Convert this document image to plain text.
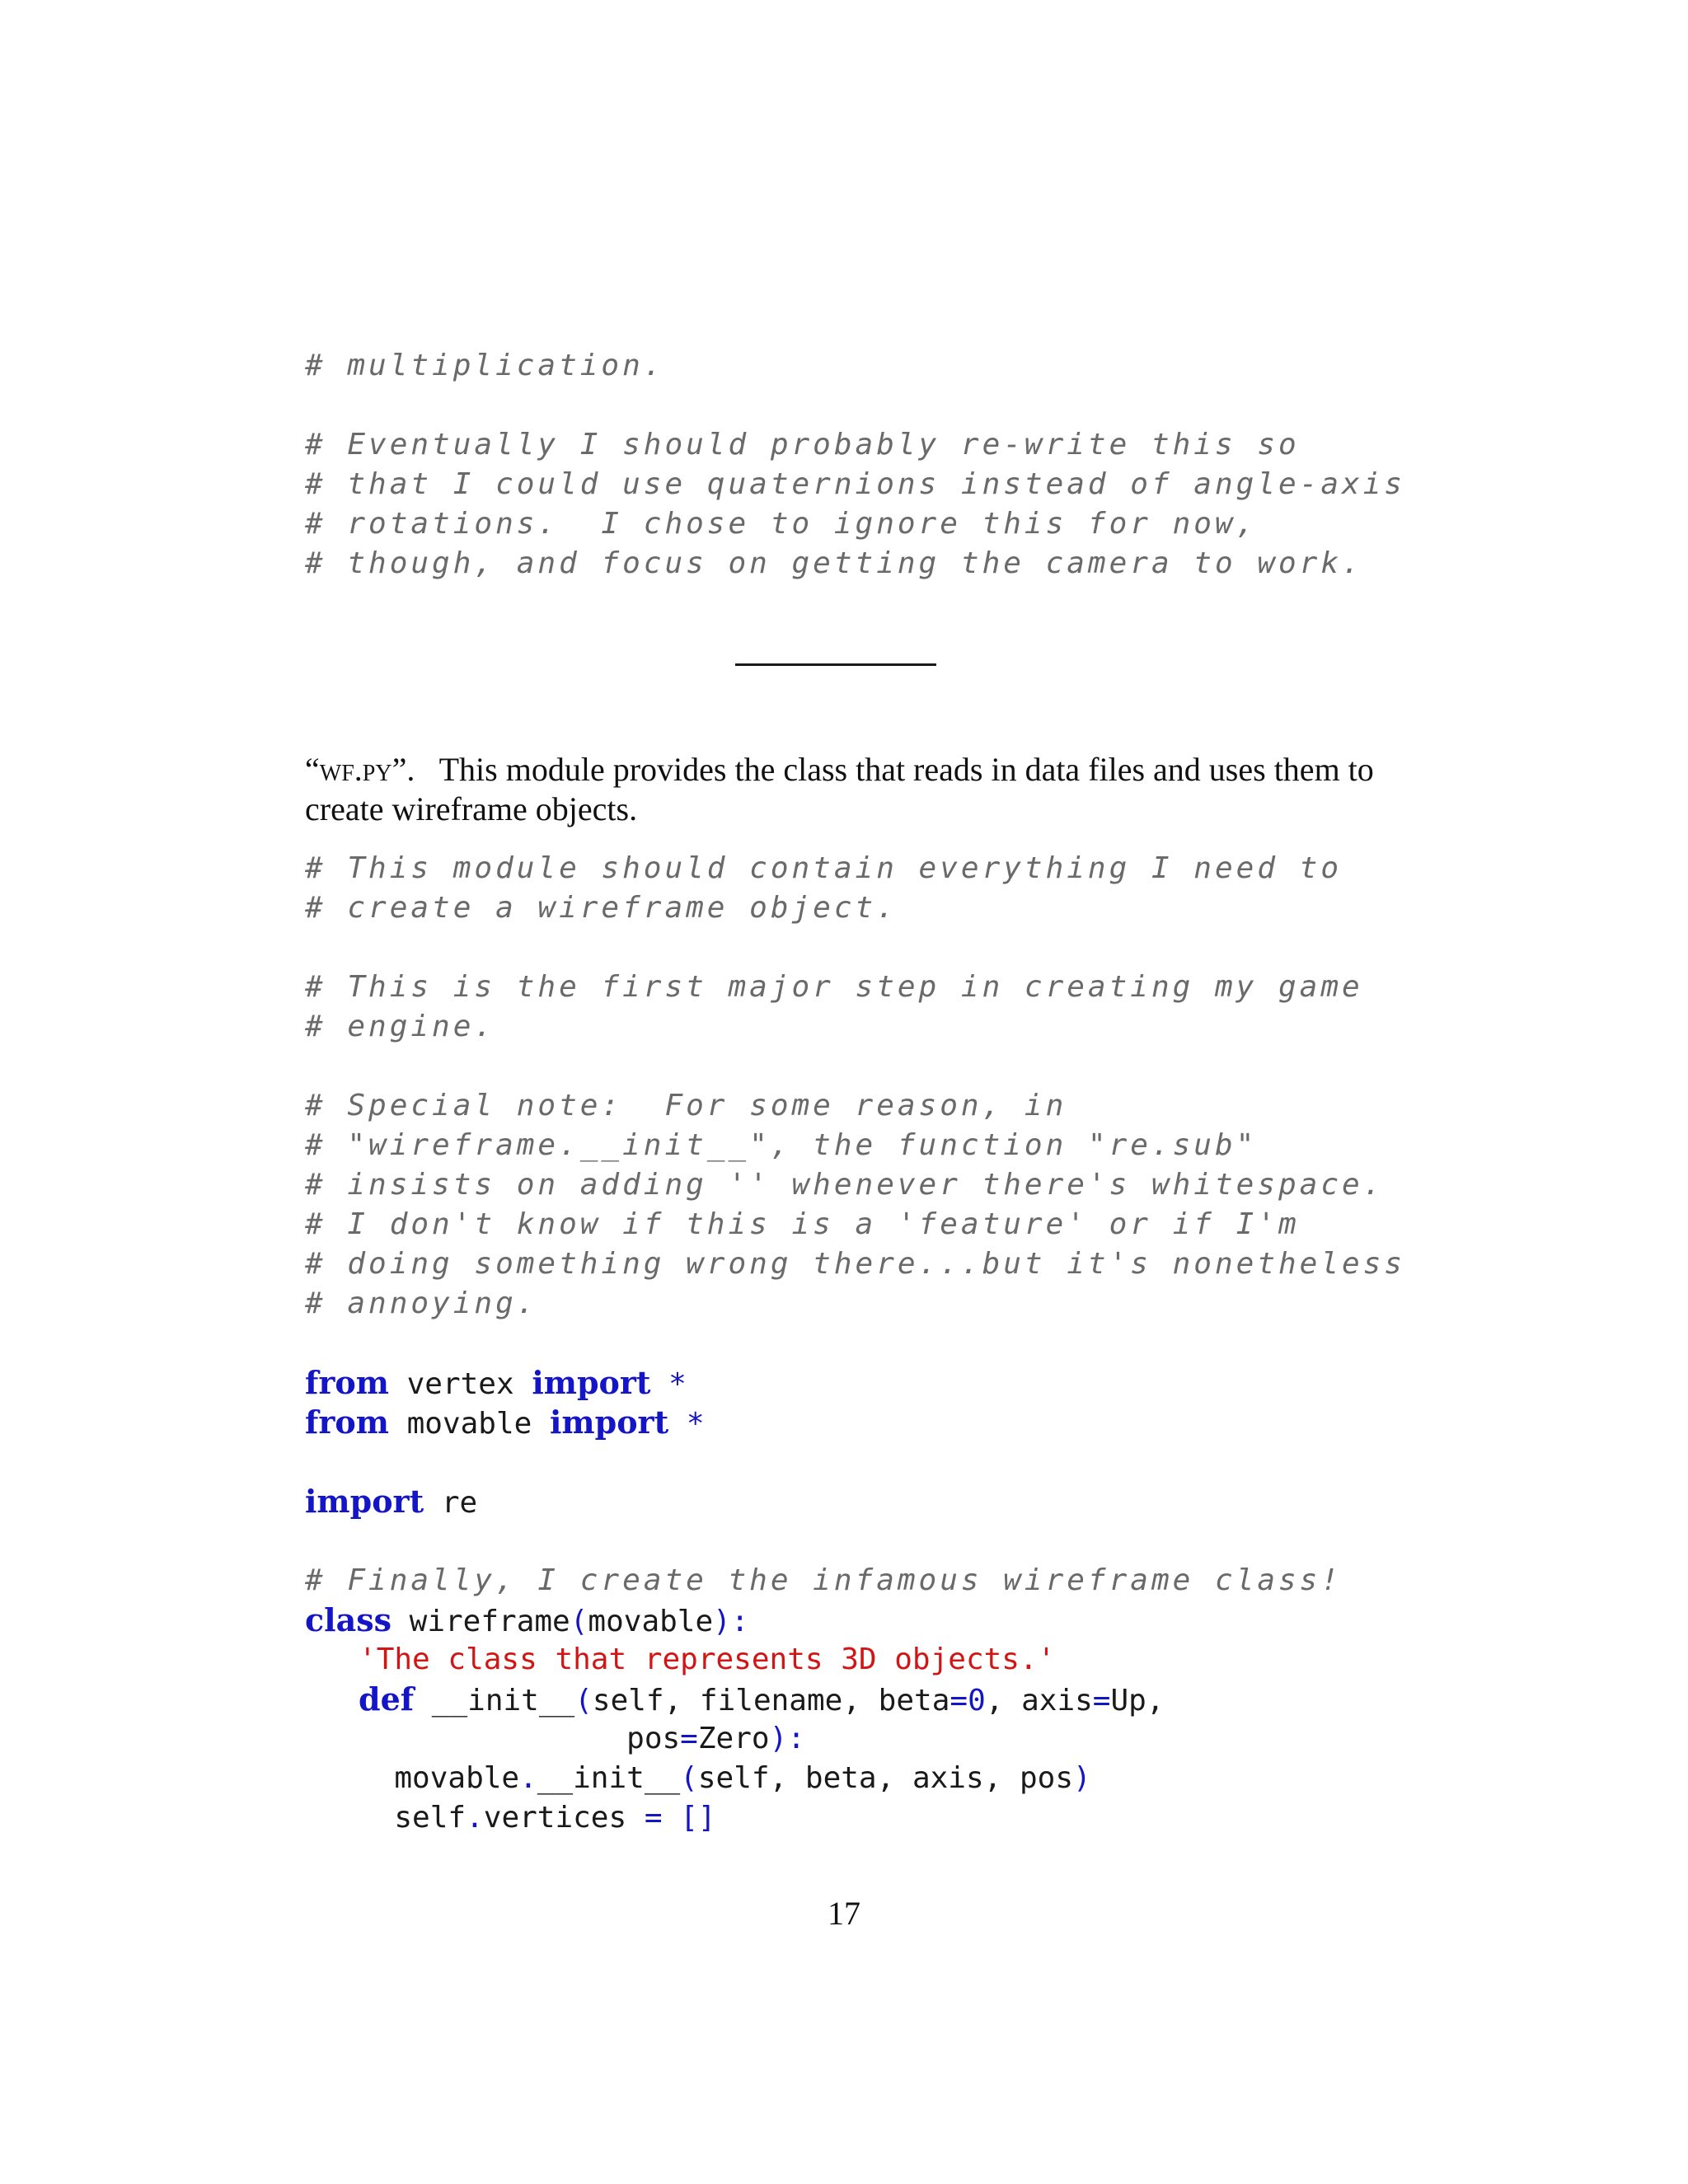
# multiplication.
# Eventually I should probably re-write this so
# that I could use quaternions instead of angle-axis
# rotations.  I chose to ignore this for now,
# though, and focus on getting the camera to work.
“wf.py”. This module provides the class that reads in data files and uses them to create wireframe objects.
# This module should contain everything I need to
# create a wireframe object.
# This is the first major step in creating my game
# engine.
# Special note:  For some reason, in
# "wireframe.__init__", the function "re.sub"
# insists on adding '' whenever there's whitespace.
# I don't know if this is a 'feature' or if I'm
# doing something wrong there...but it's nonetheless
# annoying.
from vertex import *
from movable import *
import re
# Finally, I create the infamous wireframe class!
class wireframe(movable):
'The class that represents 3D objects.'
def __init__(self, filename, beta=0, axis=Up,
pos=Zero):
movable.__init__(self, beta, axis, pos)
self.vertices = []
17
